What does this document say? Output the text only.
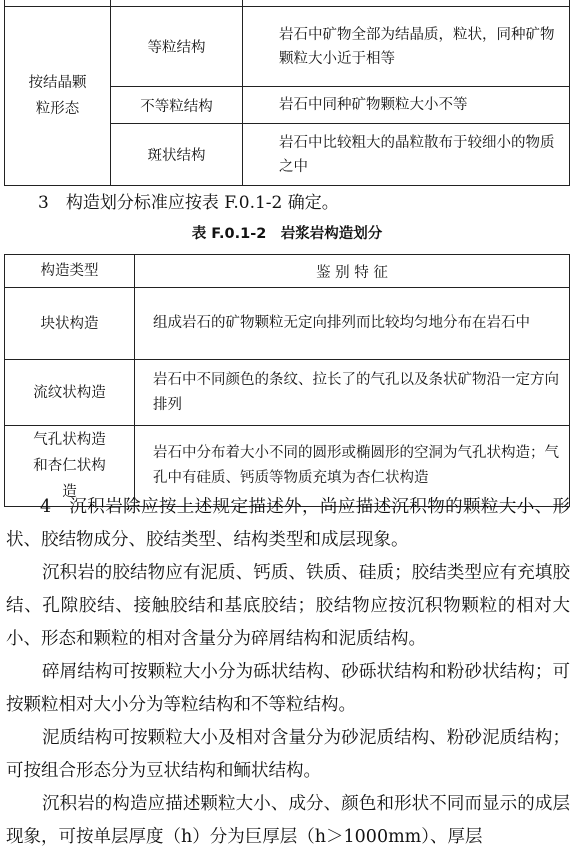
按结晶颗粒形态	等粒结构	岩石中矿物全部为结晶质，粒状，同种矿物颗粒大小近于相等
	不等粒结构	岩石中同种矿物颗粒大小不等
	斑状结构	岩石中比较粗大的晶粒散布于较细小的物质之中
3　构造划分标准应按表 F.0.1-2 确定。
表 F.0.1-2　岩浆岩构造划分
构造类型	鉴 别 特 征
块状构造	组成岩石的矿物颗粒无定向排列而比较均匀地分布在岩石中
流纹状构造	岩石中不同颜色的条纹、拉长了的气孔以及条状矿物沿一定方向排列

气孔状构造和杏仁状构造	岩石中分布着大小不同的圆形或椭圆形的空洞为气孔状构造；气孔中有硅质、钙质等物质充填为杏仁状构造
4　沉积岩除应按上述规定描述外，尚应描述沉积物的颗粒大小、形状、胶结物成分、胶结类型、结构类型和成层现象。
沉积岩的胶结物应有泥质、钙质、铁质、硅质；胶结类型应有充填胶结、孔隙胶结、接触胶结和基底胶结；胶结物应按沉积物颗粒的相对大小、形态和颗粒的相对含量分为碎屑结构和泥质结构。
碎屑结构可按颗粒大小分为砾状结构、砂砾状结构和粉砂状结构；可按颗粒相对大小分为等粒结构和不等粒结构。
泥质结构可按颗粒大小及相对含量分为砂泥质结构、粉砂泥质结构；可按组合形态分为豆状结构和鲕状结构。
沉积岩的构造应描述颗粒大小、成分、颜色和形状不同而显示的成层现象，可按单层厚度（h）分为巨厚层（h＞1000mm）、厚层
